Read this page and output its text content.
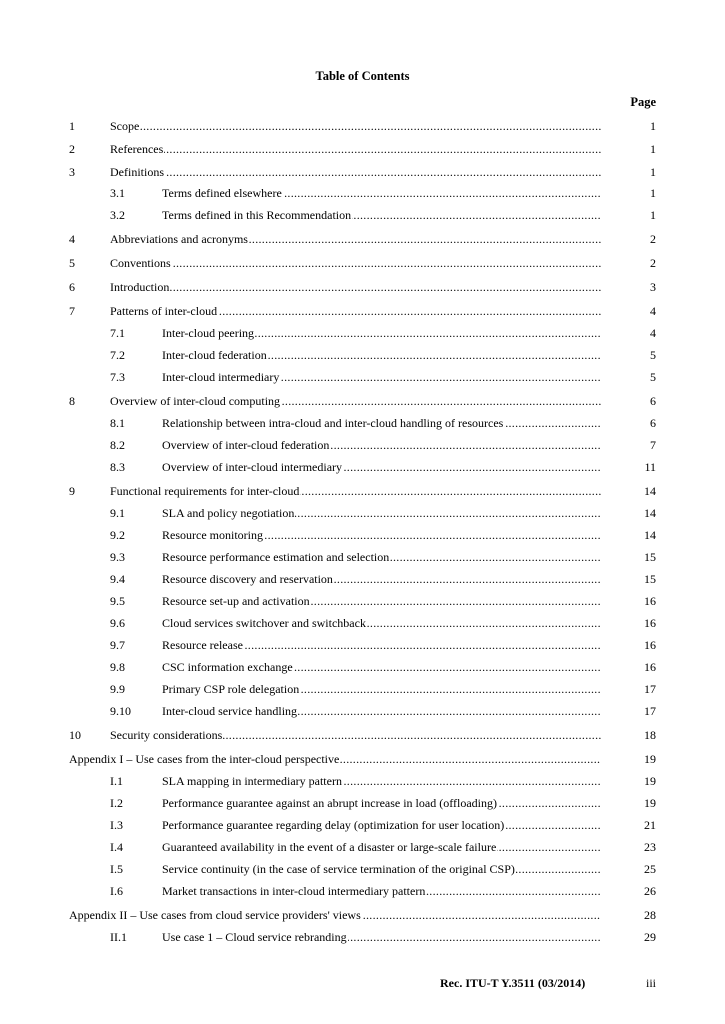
Table of Contents
Page
1	Scope .....	1
2	References .....	1
3	Definitions .....	1
3.1	Terms defined elsewhere .....	1
3.2	Terms defined in this Recommendation .....	1
4	Abbreviations and acronyms .....	2
5	Conventions .....	2
6	Introduction .....	3
7	Patterns of inter-cloud .....	4
7.1	Inter-cloud peering .....	4
7.2	Inter-cloud federation .....	5
7.3	Inter-cloud intermediary .....	5
8	Overview of inter-cloud computing .....	6
8.1	Relationship between intra-cloud and inter-cloud handling of resources .....	6
8.2	Overview of inter-cloud federation .....	7
8.3	Overview of inter-cloud intermediary .....	11
9	Functional requirements for inter-cloud .....	14
9.1	SLA and policy negotiation .....	14
9.2	Resource monitoring .....	14
9.3	Resource performance estimation and selection .....	15
9.4	Resource discovery and reservation .....	15
9.5	Resource set-up and activation .....	16
9.6	Cloud services switchover and switchback .....	16
9.7	Resource release .....	16
9.8	CSC information exchange .....	16
9.9	Primary CSP role delegation .....	17
9.10	Inter-cloud service handling .....	17
10 Security considerations .....	18
Appendix I – Use cases from the inter-cloud perspective .....	19
I.1	SLA mapping in intermediary pattern .....	19
I.2	Performance guarantee against an abrupt increase in load (offloading) .....	19
I.3	Performance guarantee regarding delay (optimization for user location) .....	21
I.4	Guaranteed availability in the event of a disaster or large-scale failure .....	23
I.5	Service continuity (in the case of service termination of the original CSP) .....	25
I.6	Market transactions in inter-cloud intermediary pattern .....	26
Appendix II – Use cases from cloud service providers' views .....	28
II.1	Use case 1 – Cloud service rebranding .....	29
Rec. ITU-T Y.3511 (03/2014)	iii
